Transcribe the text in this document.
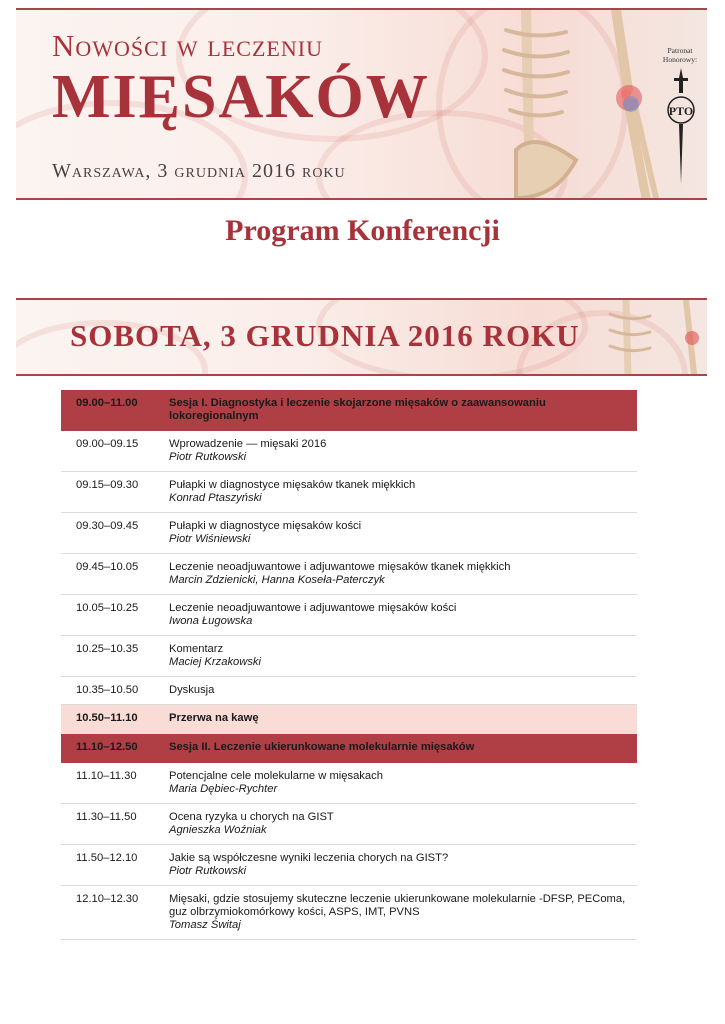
Nowości w leczeniu
MIĘSAKÓW
Warszawa, 3 grudnia 2016 roku
Patronat
Honorowy:
PTO
Program Konferencji
SOBOTA, 3 GRUDNIA 2016 ROKU
09.00–11.00	Sesja I. Diagnostyka i leczenie skojarzone mięsaków o zaawansowaniu lokoregionalnym
09.00–09.15	Wprowadzenie — mięsaki 2016
Piotr Rutkowski
09.15–09.30	Pułapki w diagnostyce mięsaków tkanek miękkich
Konrad Ptaszyński
09.30–09.45	Pułapki w diagnostyce mięsaków kości
Piotr Wiśniewski
09.45–10.05	Leczenie neoadjuwantowe i adjuwantowe mięsaków tkanek miękkich
Marcin Zdzienicki, Hanna Koseła-Paterczyk
10.05–10.25	Leczenie neoadjuwantowe i adjuwantowe mięsaków kości
Iwona Ługowska
10.25–10.35	Komentarz
Maciej Krzakowski
10.35–10.50	Dyskusja
10.50–11.10	Przerwa na kawę
11.10–12.50	Sesja II. Leczenie ukierunkowane molekularnie mięsaków
11.10–11.30	Potencjalne cele molekularne w mięsakach
Maria Dębiec-Rychter
11.30–11.50	Ocena ryzyka u chorych na GIST
Agnieszka Woźniak
11.50–12.10	Jakie są współczesne wyniki leczenia chorych na GIST?
Piotr Rutkowski
12.10–12.30	Mięsaki, gdzie stosujemy skuteczne leczenie ukierunkowane molekularnie -DFSP, PEComa, guz olbrzymiokomórkowy kości, ASPS, IMT, PVNS
Tomasz Świtaj
